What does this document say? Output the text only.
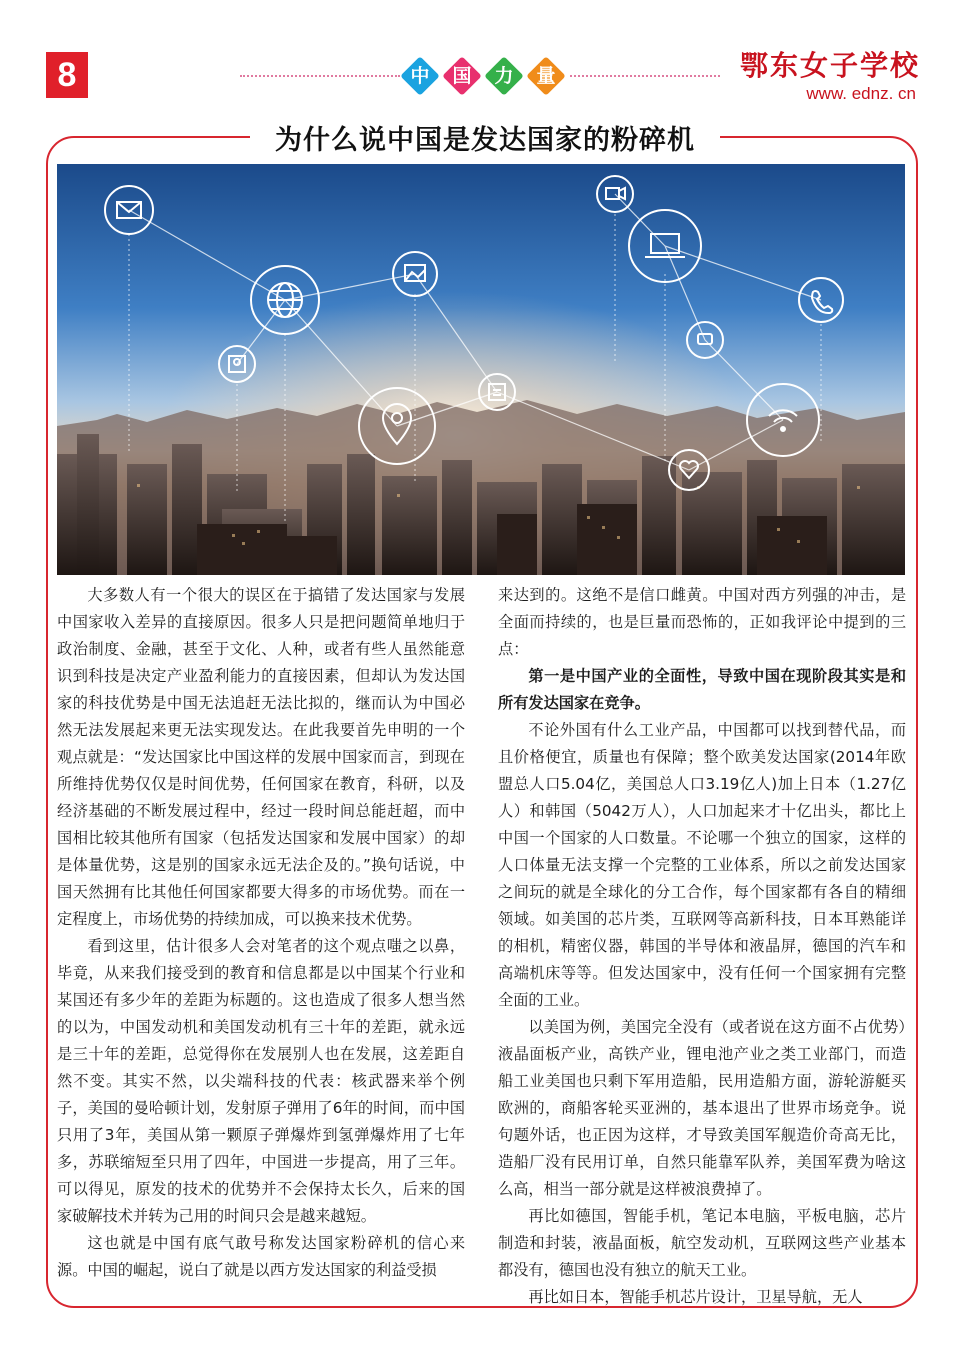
8	中	国	力	量	鄂东女子学校
www. ednz. cn
为什么说中国是发达国家的粉碎机

大多数人有一个很大的误区在于搞错了发达国家与发展中国家收入差异的直接原因。很多人只是把问题简单地归于政治制度、金融，甚至于文化、人种，或者有些人虽然能意识到科技是决定产业盈利能力的直接因素，但却认为发达国家的科技优势是中国无法追赶无法比拟的，继而认为中国必然无法发展起来更无法实现发达。在此我要首先申明的一个观点就是：“发达国家比中国这样的发展中国家而言，到现在所维持优势仅仅是时间优势，任何国家在教育，科研，以及经济基础的不断发展过程中，经过一段时间总能赶超，而中国相比较其他所有国家（包括发达国家和发展中国家）的却是体量优势，这是别的国家永远无法企及的。”换句话说，中国天然拥有比其他任何国家都要大得多的市场优势。而在一定程度上，市场优势的持续加成，可以换来技术优势。

看到这里，估计很多人会对笔者的这个观点嗤之以鼻，毕竟，从来我们接受到的教育和信息都是以中国某个行业和某国还有多少年的差距为标题的。这也造成了很多人想当然的以为，中国发动机和美国发动机有三十年的差距，就永远是三十年的差距，总觉得你在发展别人也在发展，这差距自然不变。其实不然，以尖端科技的代表：核武器来举个例子，美国的曼哈顿计划，发射原子弹用了6年的时间，而中国只用了3年，美国从第一颗原子弹爆炸到氢弹爆炸用了七年多，苏联缩短至只用了四年，中国进一步提高，用了三年。可以得见，原发的技术的优势并不会保持太长久，后来的国家破解技术并转为己用的时间只会是越来越短。

这也就是中国有底气敢号称发达国家粉碎机的信心来源。中国的崛起，说白了就是以西方发达国家的利益受损

来达到的。这绝不是信口雌黄。中国对西方列强的冲击，是全面而持续的，也是巨量而恐怖的，正如我评论中提到的三点：

第一是中国产业的全面性，导致中国在现阶段其实是和所有发达国家在竞争。

不论外国有什么工业产品，中国都可以找到替代品，而且价格便宜，质量也有保障；整个欧美发达国家(2014年欧盟总人口5.04亿，美国总人口3.19亿人)加上日本（1.27亿人）和韩国（5042万人），人口加起来才十亿出头，都比上中国一个国家的人口数量。不论哪一个独立的国家，这样的人口体量无法支撑一个完整的工业体系，所以之前发达国家之间玩的就是全球化的分工合作，每个国家都有各自的精细领域。如美国的芯片类，互联网等高新科技，日本耳熟能详的相机，精密仪器，韩国的半导体和液晶屏，德国的汽车和高端机床等等。但发达国家中，没有任何一个国家拥有完整全面的工业。

以美国为例，美国完全没有（或者说在这方面不占优势）液晶面板产业，高铁产业，锂电池产业之类工业部门，而造船工业美国也只剩下军用造船，民用造船方面，游轮游艇买欧洲的，商船客轮买亚洲的，基本退出了世界市场竞争。说句题外话，也正因为这样，才导致美国军舰造价奇高无比，造船厂没有民用订单，自然只能靠军队养，美国军费为啥这么高，相当一部分就是这样被浪费掉了。

再比如德国，智能手机，笔记本电脑，平板电脑，芯片制造和封装，液晶面板，航空发动机，互联网这些产业基本都没有，德国也没有独立的航天工业。

再比如日本，智能手机芯片设计，卫星导航，无人
